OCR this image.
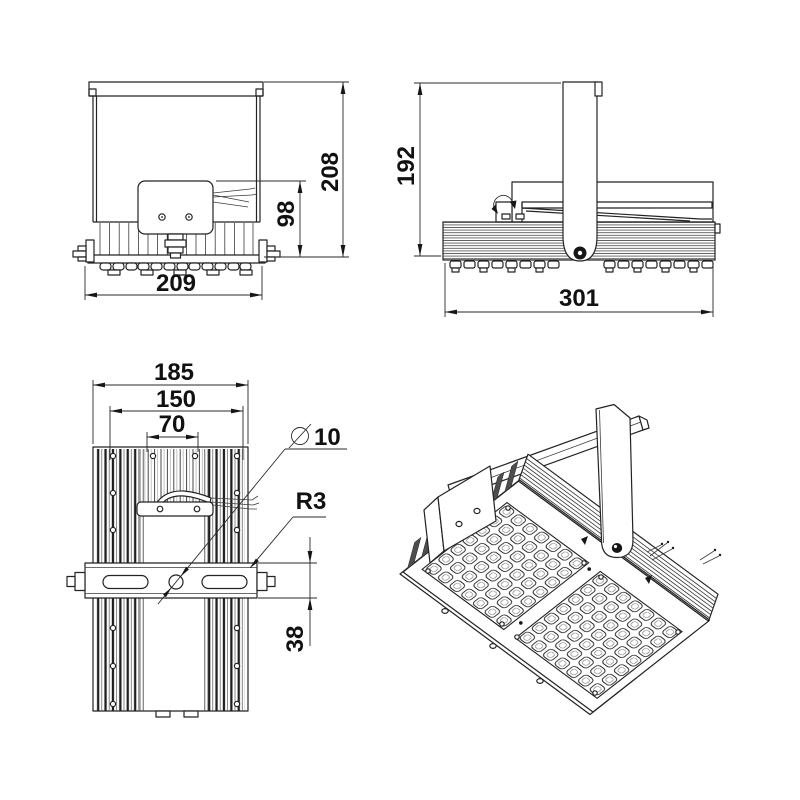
209
98
208 192
301
185
150
70	10
R3
38
